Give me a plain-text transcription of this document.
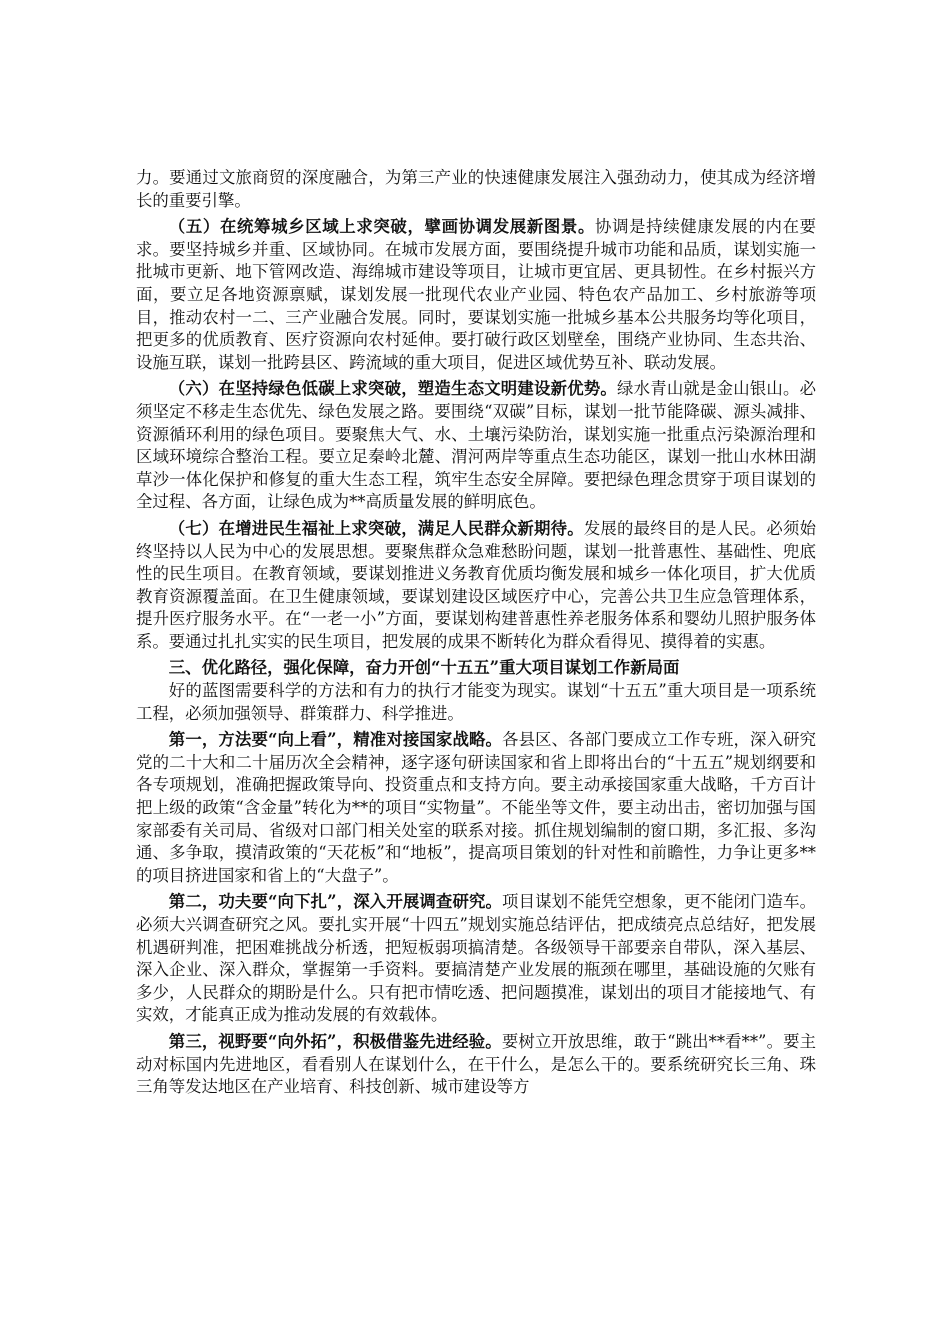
力。要通过文旅商贸的深度融合，为第三产业的快速健康发展注入强劲动力，使其成为经济增长的重要引擎。

（五）在统筹城乡区域上求突破，擘画协调发展新图景。协调是持续健康发展的内在要求。要坚持城乡并重、区域协同。在城市发展方面，要围绕提升城市功能和品质，谋划实施一批城市更新、地下管网改造、海绵城市建设等项目，让城市更宜居、更具韧性。在乡村振兴方面，要立足各地资源禀赋，谋划发展一批现代农业产业园、特色农产品加工、乡村旅游等项目，推动农村一二、三产业融合发展。同时，要谋划实施一批城乡基本公共服务均等化项目，把更多的优质教育、医疗资源向农村延伸。要打破行政区划壁垒，围绕产业协同、生态共治、设施互联，谋划一批跨县区、跨流域的重大项目，促进区域优势互补、联动发展。

（六）在坚持绿色低碳上求突破，塑造生态文明建设新优势。绿水青山就是金山银山。必须坚定不移走生态优先、绿色发展之路。要围绕“双碳”目标，谋划一批节能降碳、源头减排、资源循环利用的绿色项目。要聚焦大气、水、土壤污染防治，谋划实施一批重点污染源治理和区域环境综合整治工程。要立足秦岭北麓、渭河两岸等重点生态功能区，谋划一批山水林田湖草沙一体化保护和修复的重大生态工程，筑牢生态安全屏障。要把绿色理念贯穿于项目谋划的全过程、各方面，让绿色成为**高质量发展的鲜明底色。

（七）在增进民生福祉上求突破，满足人民群众新期待。发展的最终目的是人民。必须始终坚持以人民为中心的发展思想。要聚焦群众急难愁盼问题，谋划一批普惠性、基础性、兜底性的民生项目。在教育领域，要谋划推进义务教育优质均衡发展和城乡一体化项目，扩大优质教育资源覆盖面。在卫生健康领域，要谋划建设区域医疗中心，完善公共卫生应急管理体系，提升医疗服务水平。在“一老一小”方面，要谋划构建普惠性养老服务体系和婴幼儿照护服务体系。要通过扎扎实实的民生项目，把发展的成果不断转化为群众看得见、摸得着的实惠。

三、优化路径，强化保障，奋力开创“十五五”重大项目谋划工作新局面

好的蓝图需要科学的方法和有力的执行才能变为现实。谋划“十五五”重大项目是一项系统工程，必须加强领导、群策群力、科学推进。

第一，方法要“向上看”，精准对接国家战略。各县区、各部门要成立工作专班，深入研究党的二十大和二十届历次全会精神，逐字逐句研读国家和省上即将出台的“十五五”规划纲要和各专项规划，准确把握政策导向、投资重点和支持方向。要主动承接国家重大战略，千方百计把上级的政策“含金量”转化为**的项目“实物量”。不能坐等文件，要主动出击，密切加强与国家部委有关司局、省级对口部门相关处室的联系对接。抓住规划编制的窗口期，多汇报、多沟通、多争取，摸清政策的“天花板”和“地板”，提高项目策划的针对性和前瞻性，力争让更多**的项目挤进国家和省上的“大盘子”。

第二，功夫要“向下扎”，深入开展调查研究。项目谋划不能凭空想象，更不能闭门造车。必须大兴调查研究之风。要扎实开展“十四五”规划实施总结评估，把成绩亮点总结好，把发展机遇研判准，把困难挑战分析透，把短板弱项搞清楚。各级领导干部要亲自带队，深入基层、深入企业、深入群众，掌握第一手资料。要搞清楚产业发展的瓶颈在哪里，基础设施的欠账有多少，人民群众的期盼是什么。只有把市情吃透、把问题摸准，谋划出的项目才能接地气、有实效，才能真正成为推动发展的有效载体。

第三，视野要“向外拓”，积极借鉴先进经验。要树立开放思维，敢于“跳出**看**”。要主动对标国内先进地区，看看别人在谋划什么，在干什么，是怎么干的。要系统研究长三角、珠三角等发达地区在产业培育、科技创新、城市建设等方
